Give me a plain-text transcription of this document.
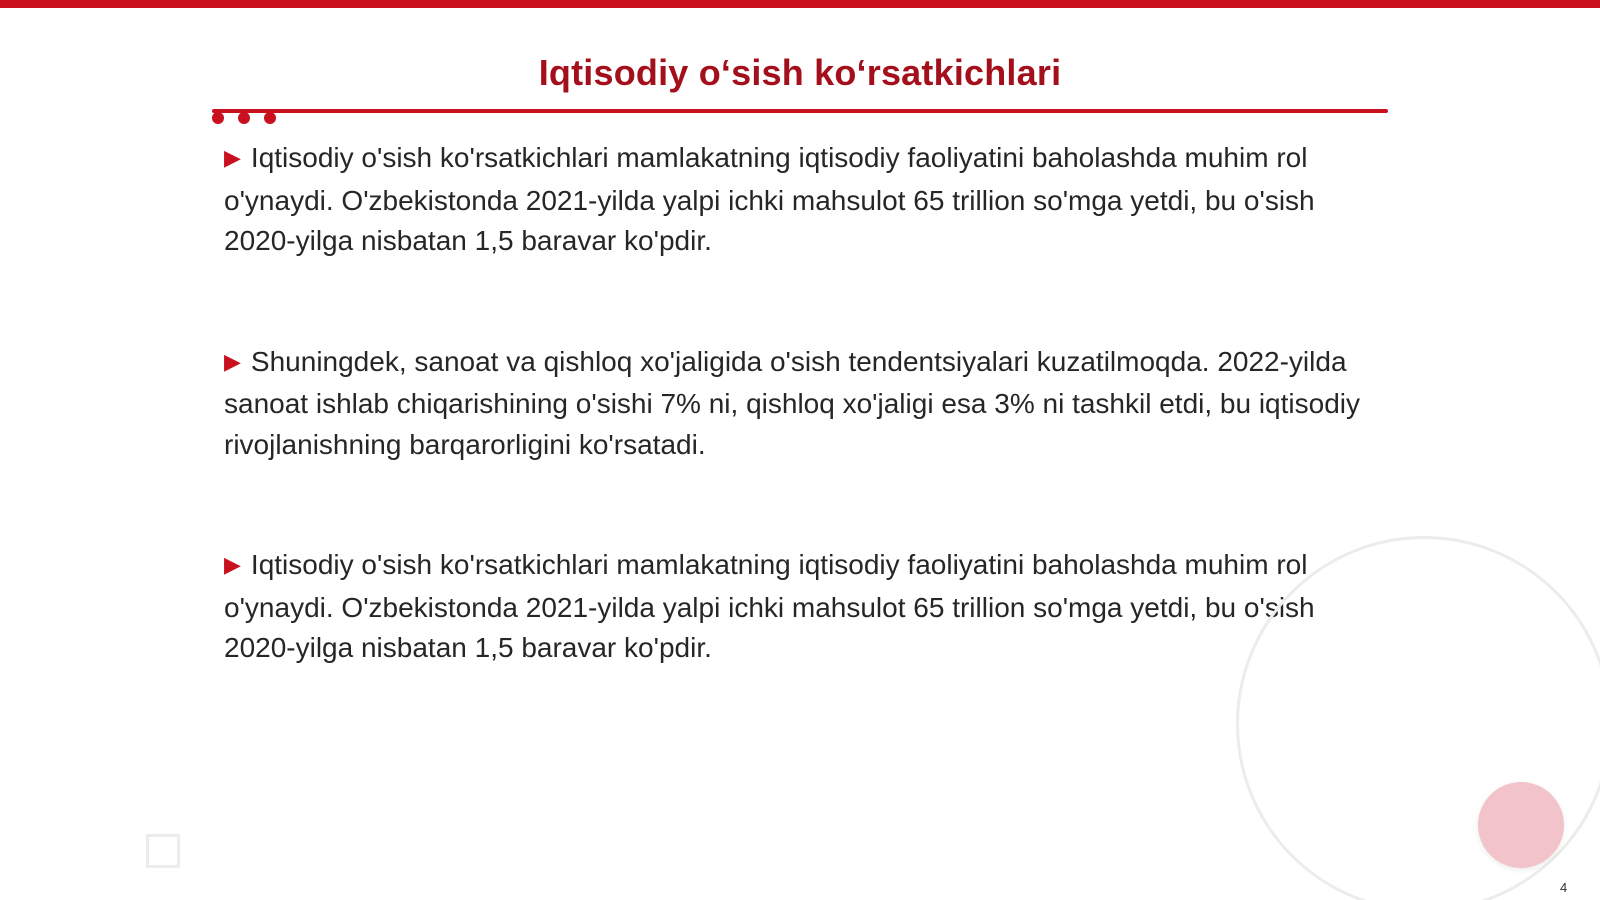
Iqtisodiy o‘sish ko‘rsatkichlari

▶ Iqtisodiy o'sish ko'rsatkichlari mamlakatning iqtisodiy faoliyatini baholashda muhim rol o'ynaydi. O'zbekistonda 2021-yilda yalpi ichki mahsulot 65 trillion so'mga yetdi, bu o'sish 2020-yilga nisbatan 1,5 baravar ko'pdir.

▶ Shuningdek, sanoat va qishloq xo'jaligida o'sish tendentsiyalari kuzatilmoqda. 2022-yilda sanoat ishlab chiqarishining o'sishi 7% ni, qishloq xo'jaligi esa 3% ni tashkil etdi, bu iqtisodiy rivojlanishning barqarorligini ko'rsatadi.

▶ Iqtisodiy o'sish ko'rsatkichlari mamlakatning iqtisodiy faoliyatini baholashda muhim rol o'ynaydi. O'zbekistonda 2021-yilda yalpi ichki mahsulot 65 trillion so'mga yetdi, bu o'sish 2020-yilga nisbatan 1,5 baravar ko'pdir.

4
